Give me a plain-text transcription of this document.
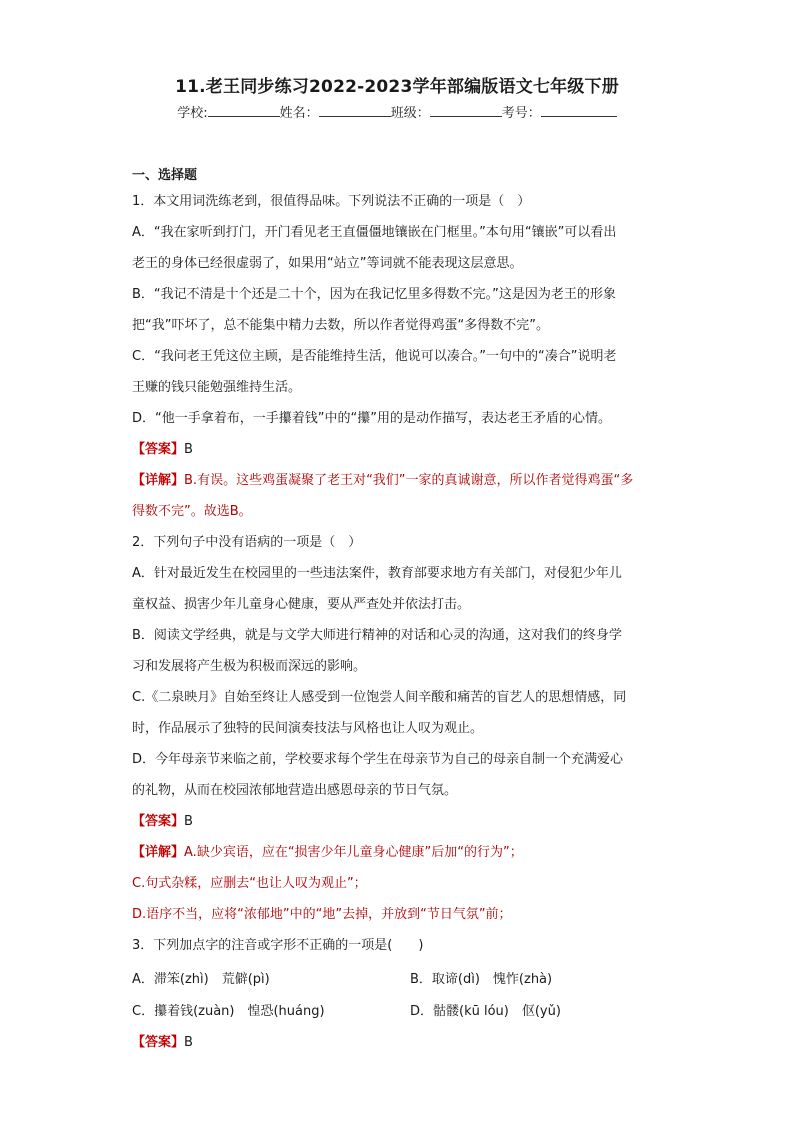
11.老王同步练习2022-2023学年部编版语文七年级下册
学校:	姓名：	班级：	考号：
一、选择题
1．本文用词洗练老到，很值得品味。下列说法不正确的一项是（　）
A．“我在家听到打门，开门看见老王直僵僵地镶嵌在门框里。”本句用“镶嵌”可以看出
老王的身体已经很虚弱了，如果用“站立”等词就不能表现这层意思。
B．“我记不清是十个还是二十个，因为在我记忆里多得数不完。”这是因为老王的形象
把“我”吓坏了，总不能集中精力去数，所以作者觉得鸡蛋“多得数不完”。
C．“我问老王凭这位主顾，是否能维持生活，他说可以凑合。”一句中的“凑合”说明老
王赚的钱只能勉强维持生活。
D．“他一手拿着布，一手攥着钱”中的“攥”用的是动作描写，表达老王矛盾的心情。
【答案】B
【详解】B.有误。这些鸡蛋凝聚了老王对“我们”一家的真诚谢意，所以作者觉得鸡蛋“多
得数不完”。故选B。
2．下列句子中没有语病的一项是（　）
A．针对最近发生在校园里的一些违法案件，教育部要求地方有关部门，对侵犯少年儿
童权益、损害少年儿童身心健康，要从严查处并依法打击。
B．阅读文学经典，就是与文学大师进行精神的对话和心灵的沟通，这对我们的终身学
习和发展将产生极为积极而深远的影响。
C.《二泉映月》自始至终让人感受到一位饱尝人间辛酸和痛苦的盲艺人的思想情感，同
时，作品展示了独特的民间演奏技法与风格也让人叹为观止。
D．今年母亲节来临之前，学校要求每个学生在母亲节为自己的母亲自制一个充满爱心
的礼物，从而在校园浓郁地营造出感恩母亲的节日气氛。
【答案】B
【详解】A.缺少宾语，应在“损害少年儿童身心健康”后加“的行为”；
C.句式杂糅，应删去“也让人叹为观止”；
D.语序不当，应将“浓郁地”中的“地”去掉，并放到“节日气氛”前；
3．下列加点字的注音或字形不正确的一项是(　　)
A．滞笨(zhì)　荒僻(pì)	B．取谛(dì)　愧怍(zhà)
C．攥着钱(zuàn)　惶恐(huáng)	D．骷髅(kū lóu)　伛(yǔ)
【答案】B
